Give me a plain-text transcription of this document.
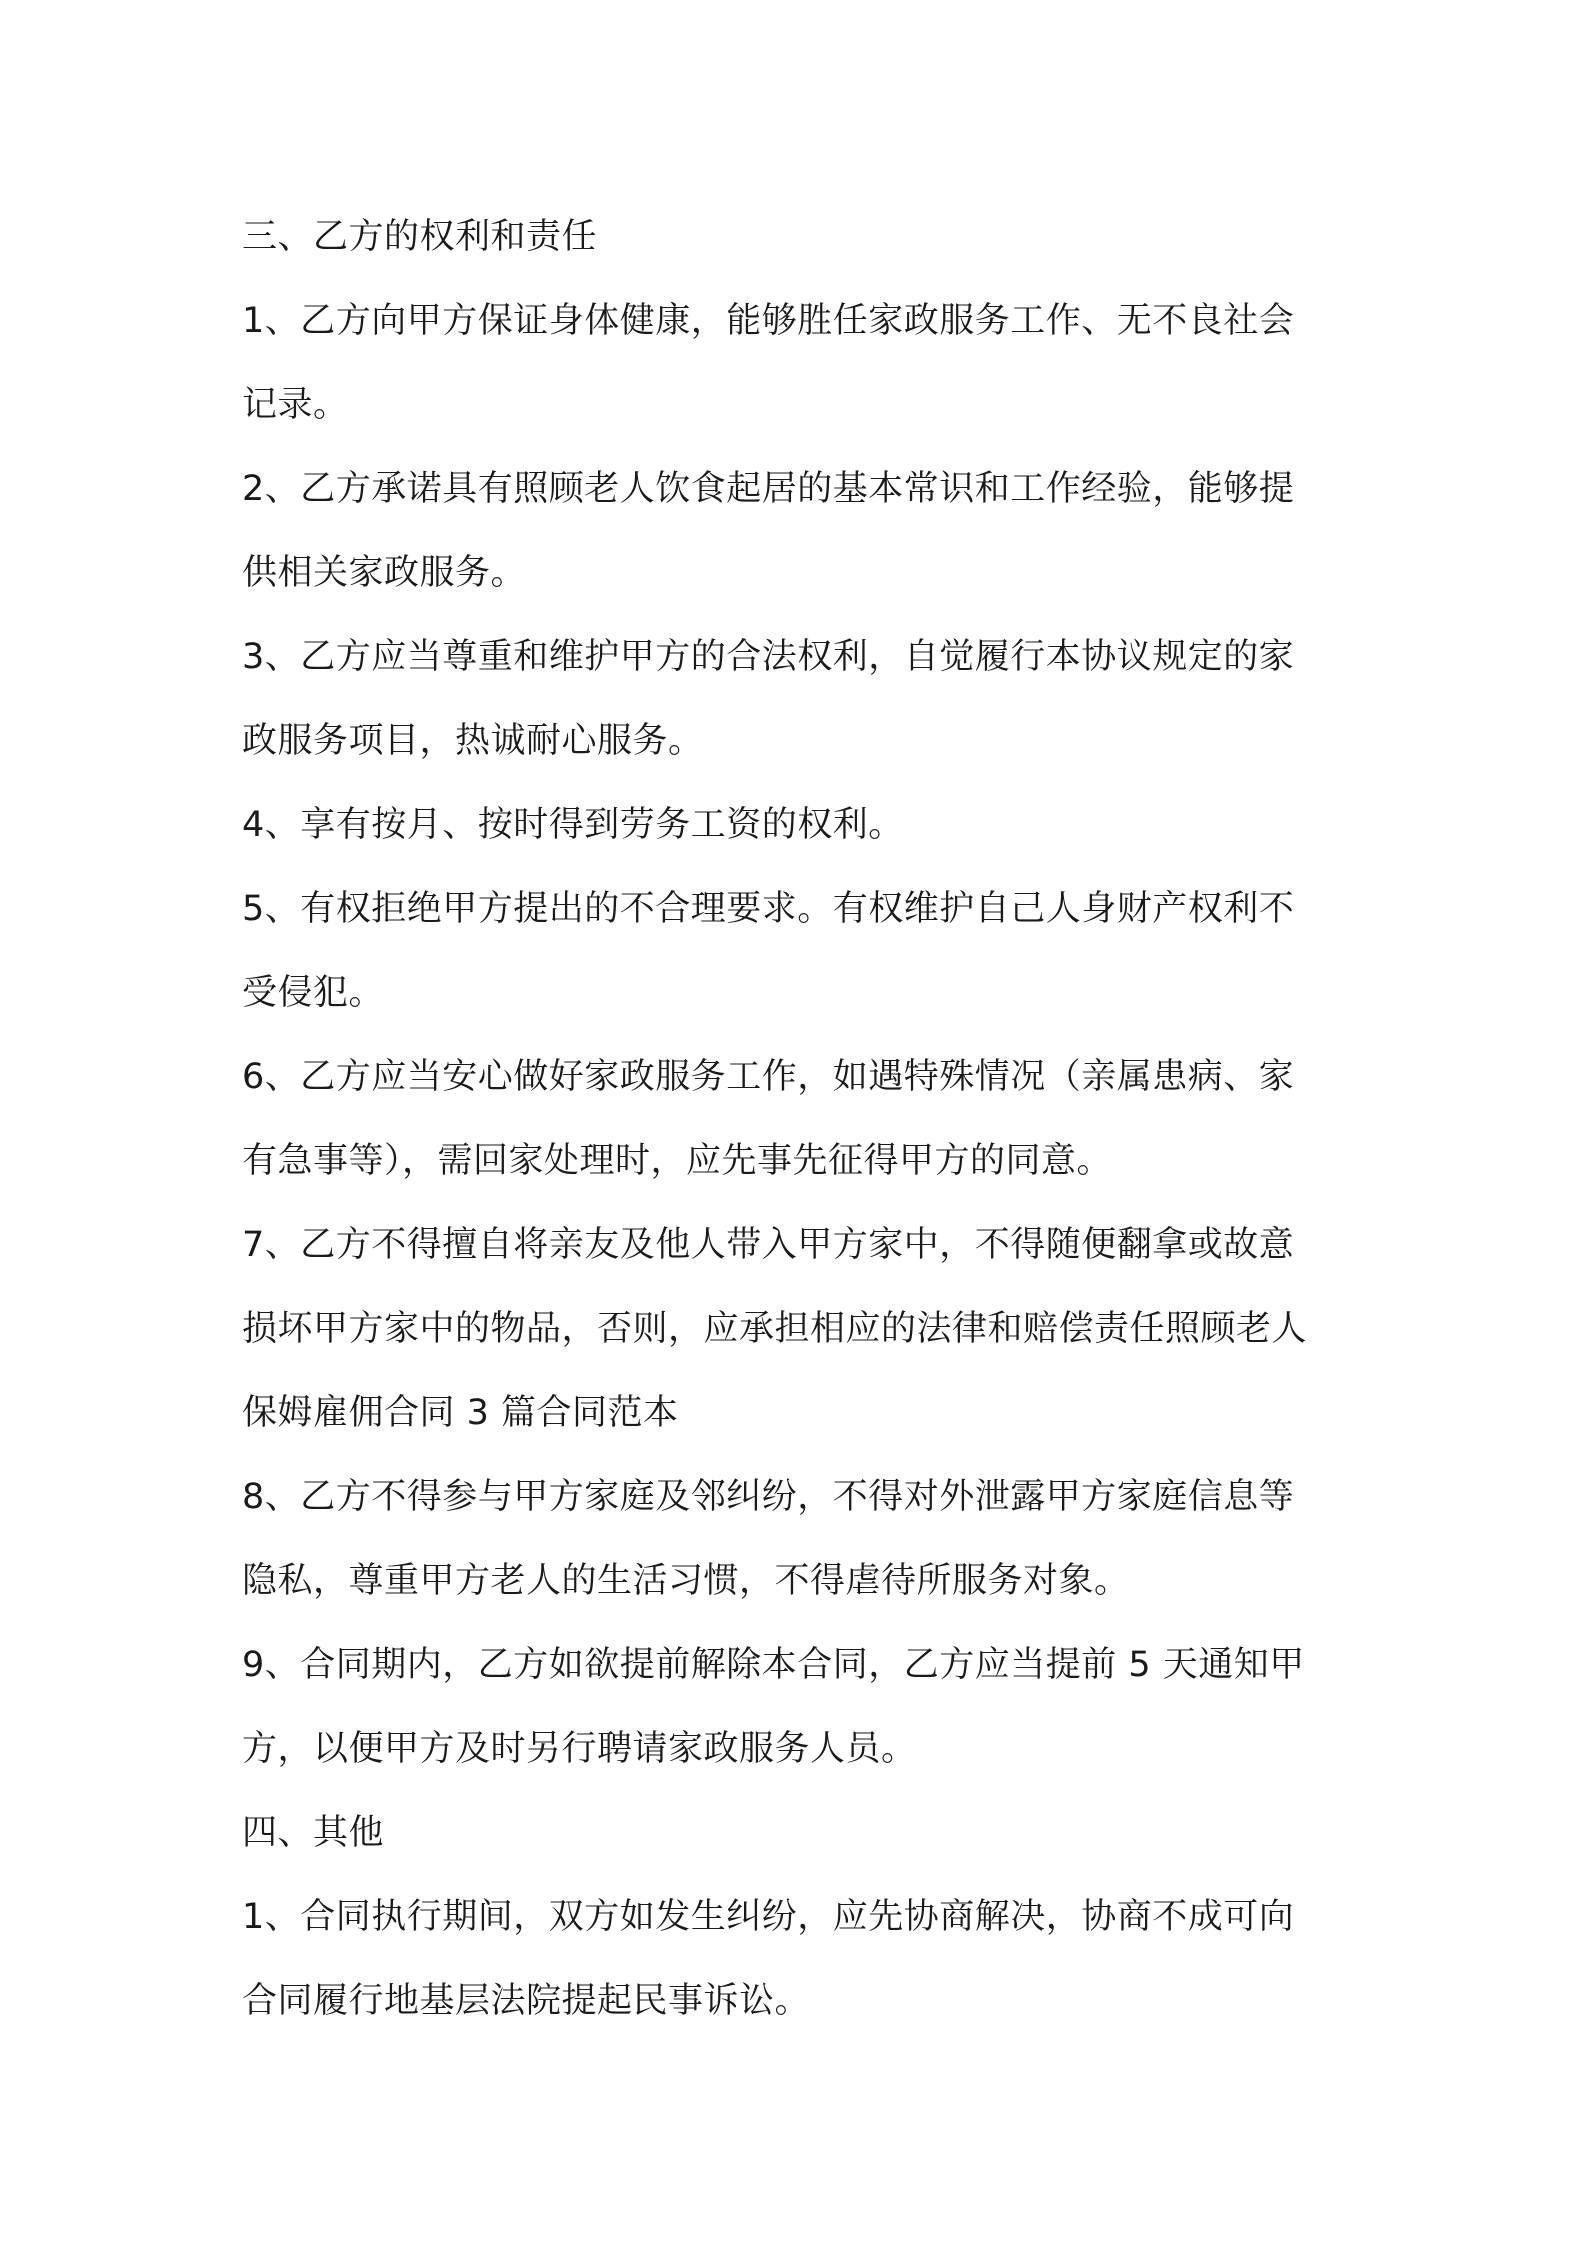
三、乙方的权利和责任

1、乙方向甲方保证身体健康，能够胜任家政服务工作、无不良社会

记录。

2、乙方承诺具有照顾老人饮食起居的基本常识和工作经验，能够提

供相关家政服务。

3、乙方应当尊重和维护甲方的合法权利，自觉履行本协议规定的家

政服务项目，热诚耐心服务。

4、享有按月、按时得到劳务工资的权利。

5、有权拒绝甲方提出的不合理要求。有权维护自己人身财产权利不

受侵犯。

6、乙方应当安心做好家政服务工作，如遇特殊情况（亲属患病、家

有急事等），需回家处理时，应先事先征得甲方的同意。

7、乙方不得擅自将亲友及他人带入甲方家中，不得随便翻拿或故意

损坏甲方家中的物品，否则，应承担相应的法律和赔偿责任照顾老人

保姆雇佣合同 3 篇合同范本

8、乙方不得参与甲方家庭及邻纠纷，不得对外泄露甲方家庭信息等

隐私，尊重甲方老人的生活习惯，不得虐待所服务对象。

9、合同期内，乙方如欲提前解除本合同，乙方应当提前 5 天通知甲

方，以便甲方及时另行聘请家政服务人员。

四、其他

1、合同执行期间，双方如发生纠纷，应先协商解决，协商不成可向

合同履行地基层法院提起民事诉讼。
